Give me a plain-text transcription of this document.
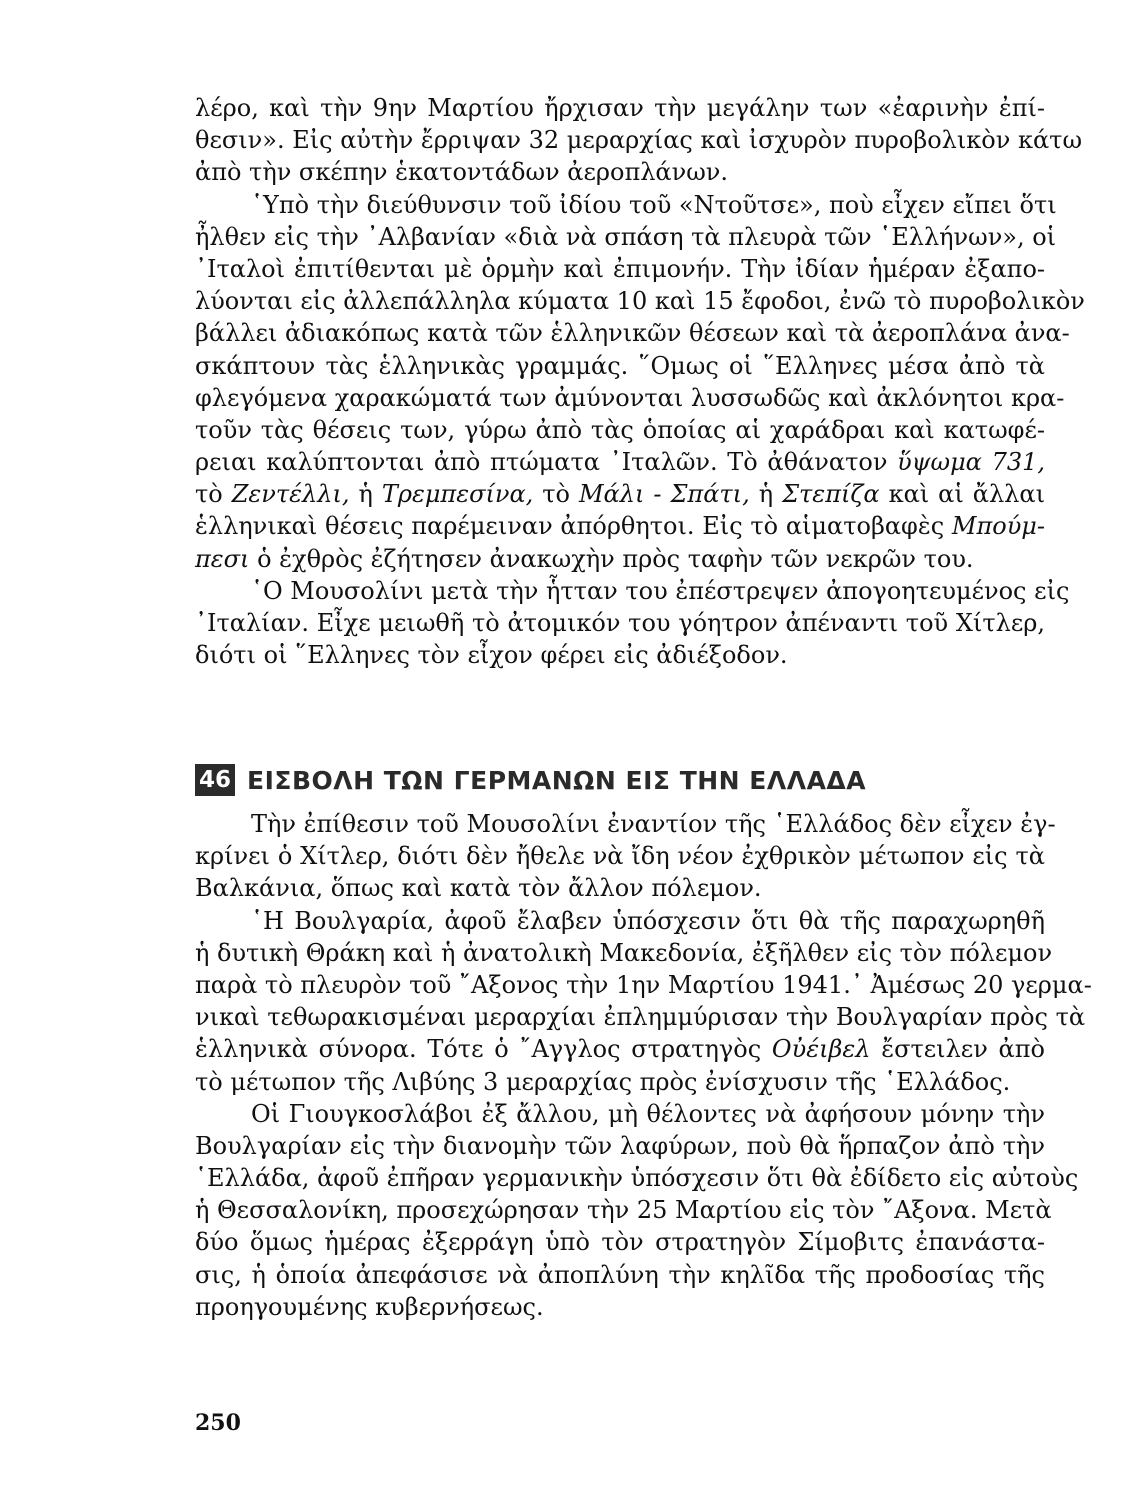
λέρο, καὶ τὴν 9ην Μαρτίου ἤρχισαν τὴν μεγάλην των «ἐαρινὴν ἐπί-
θεσιν». Εἰς αὐτὴν ἔρριψαν 32 μεραρχίας καὶ ἰσχυρὸν πυροβολικὸν κάτω
ἀπὸ τὴν σκέπην ἑκατοντάδων ἀεροπλάνων.
῾Υπὸ τὴν διεύθυνσιν τοῦ ἰδίου τοῦ «Ντοῦτσε», ποὺ εἶχεν εἴπει ὅτι
ἦλθεν εἰς τὴν ᾿Αλβανίαν «διὰ νὰ σπάση τὰ πλευρὰ τῶν ῾Ελλήνων», οἱ
᾿Ιταλοὶ ἐπιτίθενται μὲ ὁρμὴν καὶ ἐπιμονήν. Τὴν ἰδίαν ἡμέραν ἐξαπο-
λύονται εἰς ἀλλεπάλληλα κύματα 10 καὶ 15 ἔφοδοι, ἐνῶ τὸ πυροβολικὸν
βάλλει ἀδιακόπως κατὰ τῶν ἑλληνικῶν θέσεων καὶ τὰ ἀεροπλάνα ἀνα-
σκάπτουν τὰς ἑλληνικὰς γραμμάς. ῞Ομως οἱ ῞Ελληνες μέσα ἀπὸ τὰ
φλεγόμενα χαρακώματά των ἀμύνονται λυσσωδῶς καὶ ἀκλόνητοι κρα-
τοῦν τὰς θέσεις των, γύρω ἀπὸ τὰς ὁποίας αἱ χαράδραι καὶ κατωφέ-
ρειαι καλύπτονται ἀπὸ πτώματα ᾿Ιταλῶν. Τὸ ἀθάνατον ὕψωμα 731,
τὸ Ζεντέλλι, ἡ Τρεμπεσίνα, τὸ Μάλι - Σπάτι, ἡ Στεπίζα καὶ αἱ ἄλλαι
ἑλληνικαὶ θέσεις παρέμειναν ἀπόρθητοι. Εἰς τὸ αἱματοβαφὲς Μπούμ-
πεσι ὁ ἐχθρὸς ἐζήτησεν ἀνακωχὴν πρὸς ταφὴν τῶν νεκρῶν του.
῾Ο Μουσολίνι μετὰ τὴν ἧτταν του ἐπέστρεψεν ἀπογοητευμένος εἰς
᾿Ιταλίαν. Εἶχε μειωθῆ τὸ ἀτομικόν του γόητρον ἀπέναντι τοῦ Χίτλερ,
διότι οἱ ῞Ελληνες τὸν εἶχον φέρει εἰς ἀδιέξοδον.
46 ΕΙΣΒΟΛΗ ΤΩΝ ΓΕΡΜΑΝΩΝ ΕΙΣ ΤΗΝ ΕΛΛΑΔΑ
Τὴν ἐπίθεσιν τοῦ Μουσολίνι ἐναντίον τῆς ῾Ελλάδος δὲν εἶχεν ἐγ-
κρίνει ὁ Χίτλερ, διότι δὲν ἤθελε νὰ ἴδη νέον ἐχθρικὸν μέτωπον εἰς τὰ
Βαλκάνια, ὅπως καὶ κατὰ τὸν ἄλλον πόλεμον.
῾Η Βουλγαρία, ἀφοῦ ἔλαβεν ὑπόσχεσιν ὅτι θὰ τῆς παραχωρηθῆ
ἡ δυτικὴ Θράκη καὶ ἡ ἀνατολικὴ Μακεδονία, ἐξῆλθεν εἰς τὸν πόλεμον
παρὰ τὸ πλευρὸν τοῦ ῎Αξονος τὴν 1ην Μαρτίου 1941.᾿ Ἀμέσως 20 γερμα-
νικαὶ τεθωρακισμέναι μεραρχίαι ἐπλημμύρισαν τὴν Βουλγαρίαν πρὸς τὰ
ἑλληνικὰ σύνορα. Τότε ὁ ῎Αγγλος στρατηγὸς Οὐέιβελ ἔστειλεν ἀπὸ
τὸ μέτωπον τῆς Λιβύης 3 μεραρχίας πρὸς ἐνίσχυσιν τῆς ῾Ελλάδος.
Οἱ Γιουγκοσλάβοι ἐξ ἄλλου, μὴ θέλοντες νὰ ἀφήσουν μόνην τὴν
Βουλγαρίαν εἰς τὴν διανομὴν τῶν λαφύρων, ποὺ θὰ ἥρπαζον ἀπὸ τὴν
῾Ελλάδα, ἀφοῦ ἐπῆραν γερμανικὴν ὑπόσχεσιν ὅτι θὰ ἐδίδετο εἰς αὐτοὺς
ἡ Θεσσαλονίκη, προσεχώρησαν τὴν 25 Μαρτίου εἰς τὸν ῎Αξονα. Μετὰ
δύο ὅμως ἡμέρας ἐξερράγη ὑπὸ τὸν στρατηγὸν Σίμοβιτς ἐπανάστα-
σις, ἡ ὁποία ἀπεφάσισε νὰ ἀποπλύνη τὴν κηλῖδα τῆς προδοσίας τῆς
προηγουμένης κυβερνήσεως.
250
